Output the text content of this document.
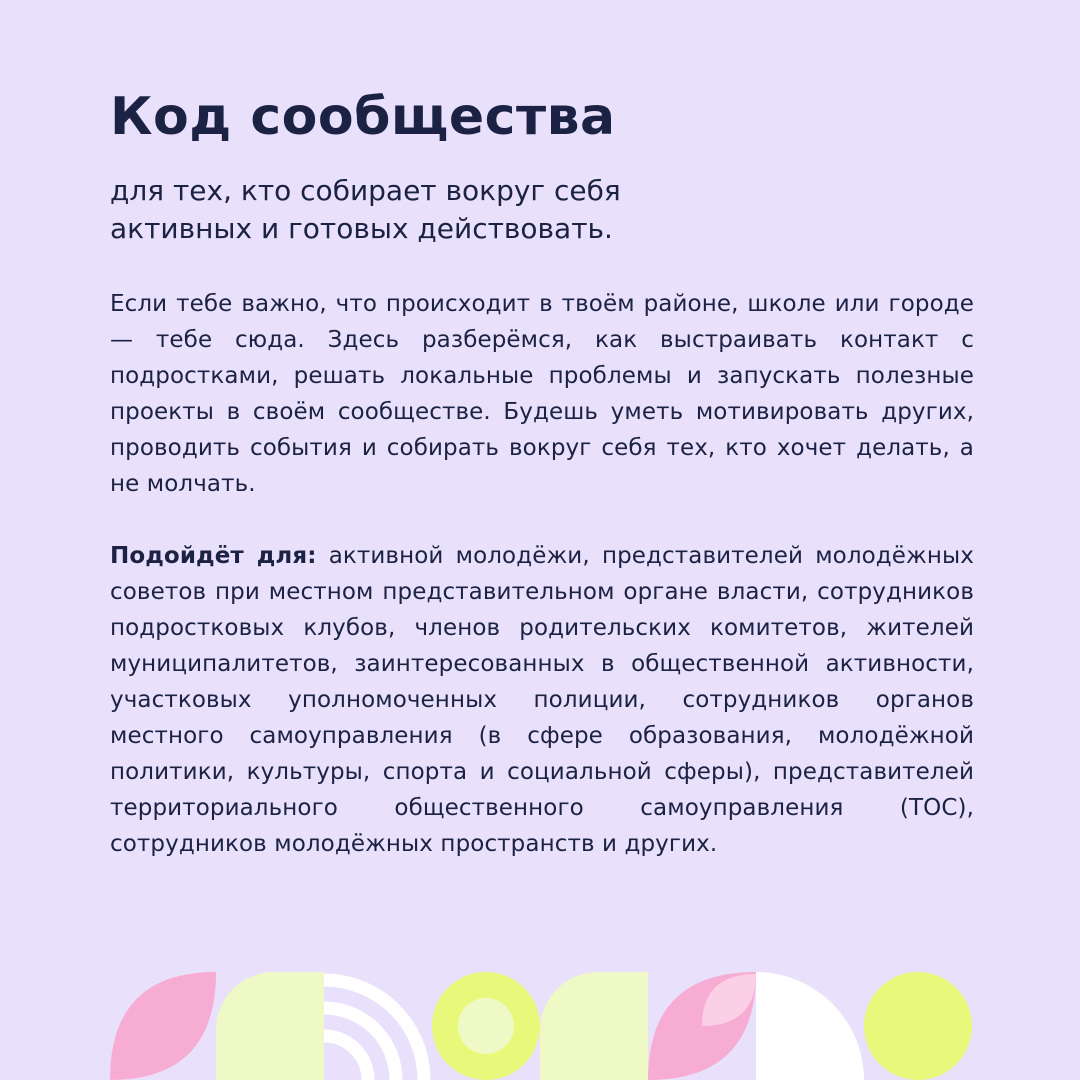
Код сообщества
для тех, кто собирает вокруг себя
активных и готовых действовать.

Если тебе важно, что происходит в твоём районе, школе или городе — тебе сюда. Здесь разберёмся, как выстраивать контакт с подростками, решать локальные проблемы и запускать полезные проекты в своём сообществе. Будешь уметь мотивировать других, проводить события и собирать вокруг себя тех, кто хочет делать, а не молчать.

Подойдёт для: активной молодёжи, представителей молодёжных советов при местном представительном органе власти, сотрудников подростковых клубов, членов родительских комитетов, жителей муниципалитетов, заинтересованных в общественной активности, участковых уполномоченных полиции, сотрудников органов местного самоуправления (в сфере образования, молодёжной политики, культуры, спорта и социальной сферы), представителей территориального общественного самоуправления (ТОС), сотрудников молодёжных пространств и других.
